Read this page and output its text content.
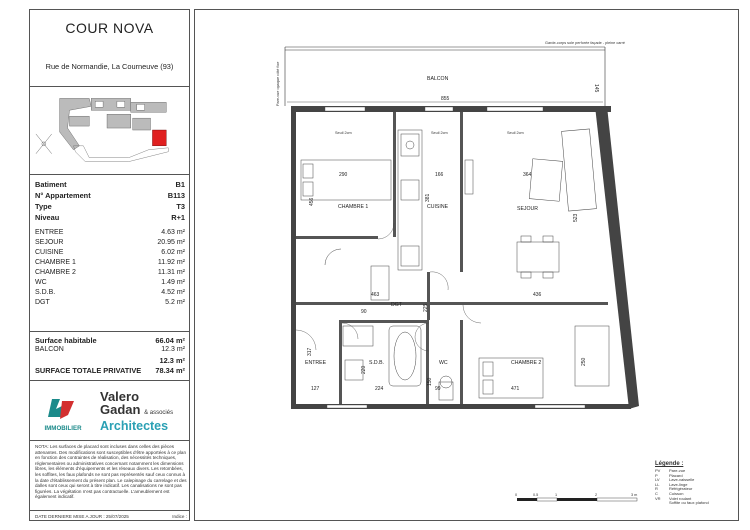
COUR NOVA
Rue de Normandie, La Courneuve (93)
Batiment	B1
N° Appartement	B113
Type	T3
Niveau	R+1
ENTREE	4.63 m²
SEJOUR	20.95 m²
CUISINE	6.02 m²
CHAMBRE 1	11.92 m²
CHAMBRE 2	11.31 m²
WC	1.49 m²
S.D.B.	4.52 m²
DGT	5.2 m²
Surface habitable	66.04 m²
BALCON	12.3 m²
12.3 m²
SURFACE TOTALE PRIVATIVE 78.34 m²
IMMOBILIER
Valero
Gadan & associés
Architectes
NOTA: Les surfaces de placard sont incluses dans celles des pièces attenantes. Des modifications sont susceptibles d'être apportées à ce plan en fonction des contraintes de réalisation, des nécessités techniques, réglementaires ou administratives concernant notamment les dimensions libres, les éléments d'équipements et les réseaux divers. Les retombées, les soffites, les faux plafonds ne sont pas représentés sauf ceux connus à la date d'établissement du présent plan. Le calepinage du carrelage et des dalles sont ceux qui seront à titre indicatif. Les canalisations ne sont pas figurées. La végétation n'est pas contractuelle. L'ameublement est également indicatif.
DATE DERNIERE MISE A JOUR : 25/07/2025	Indice :
Garde-corps sole perforée façade - pleine carré
BALCON
855
145
Pare-vue opaque côté fixe
CHAMBRE 1	CUISINE	SEJOUR
DGT
ENTREE	S.D.B.	WC	CHAMBRE 2
Seuil 2cm	Seuil 2cm	Seuil 2cm
290	166	364
456	381
523
463	436
90	225
317
220
150
250
127	224	99	471
0	0.5	1	2	3 m
Légende :
PV	Pare-vue
P	Placard
LV	Lave-vaisselle
LL	Lave-linge
R	Réfrigérateur
C	Cuisson
VR	Volet roulant
Soffite ou faux plafond
